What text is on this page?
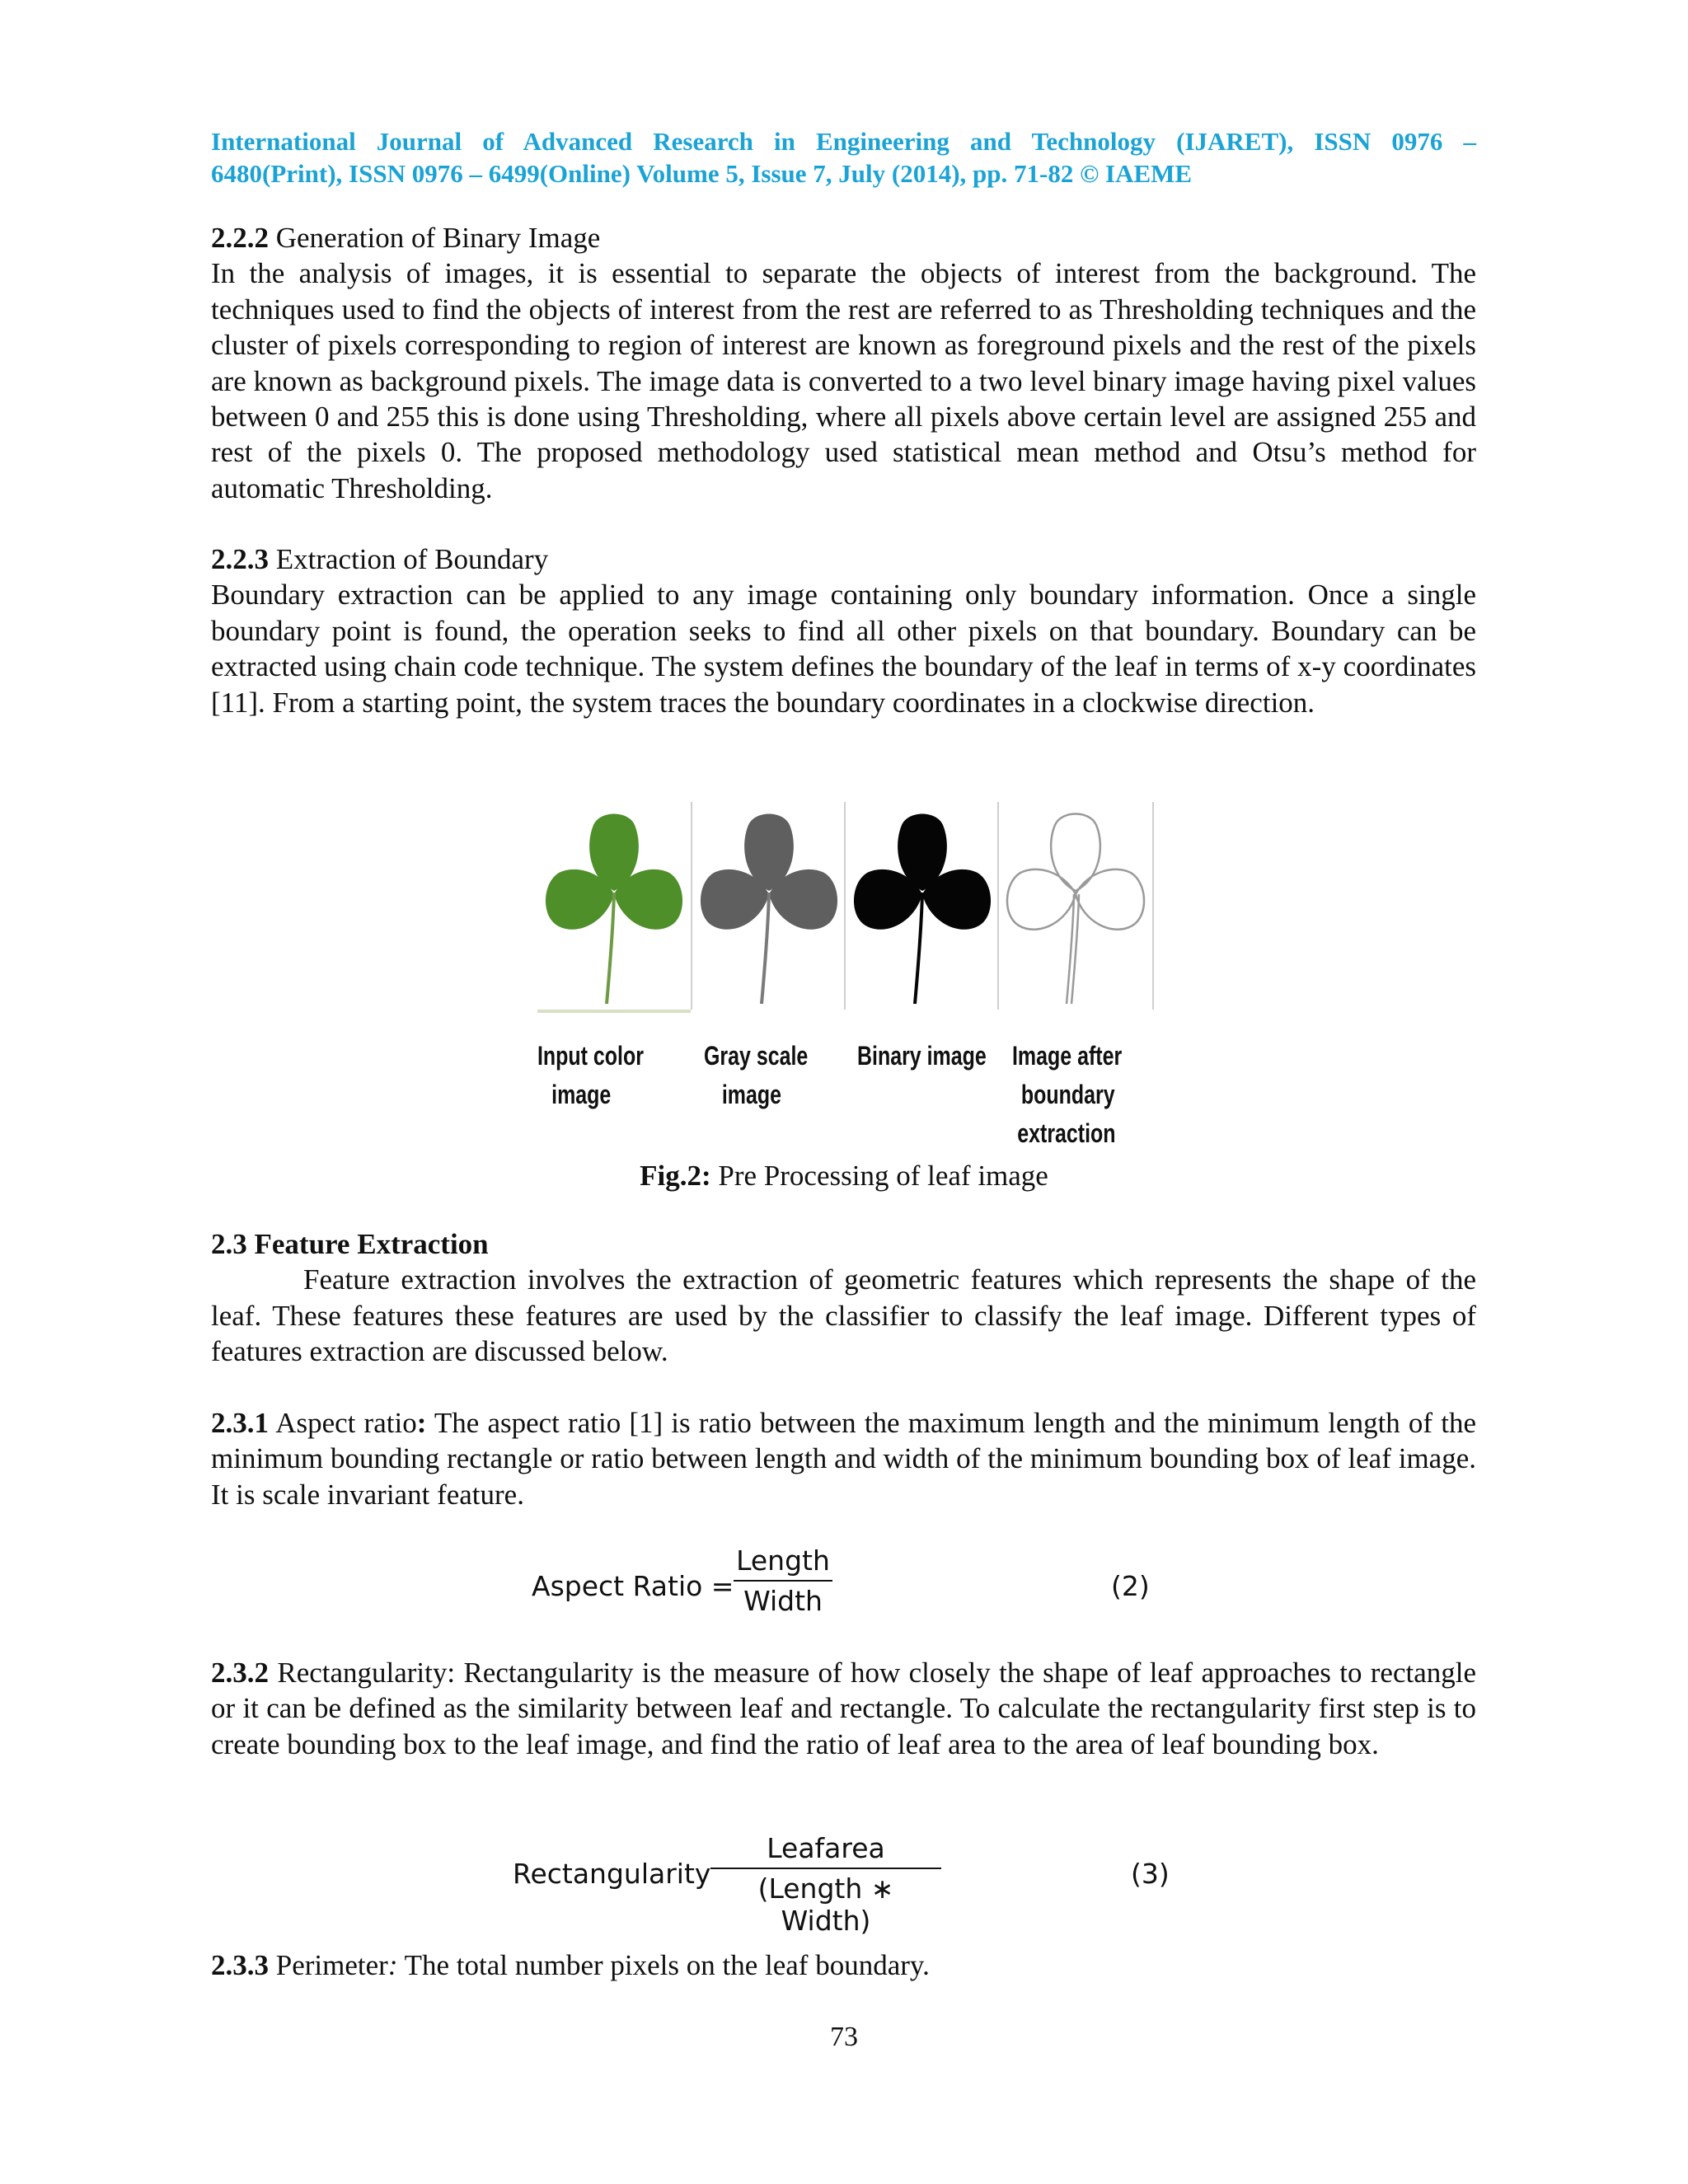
International Journal of Advanced Research in Engineering and Technology (IJARET), ISSN 0976 –
6480(Print), ISSN 0976 – 6499(Online) Volume 5, Issue 7, July (2014), pp. 71-82 © IAEME

2.2.2 Generation of Binary Image

In the analysis of images, it is essential to separate the objects of interest from the background. The techniques used to find the objects of interest from the rest are referred to as Thresholding techniques and the cluster of pixels corresponding to region of interest are known as foreground pixels and the rest of the pixels are known as background pixels. The image data is converted to a two level binary image having pixel values between 0 and 255 this is done using Thresholding, where all pixels above certain level are assigned 255 and rest of the pixels 0. The proposed methodology used statistical mean method and Otsu’s method for automatic Thresholding.

2.2.3 Extraction of Boundary

Boundary extraction can be applied to any image containing only boundary information. Once a single boundary point is found, the operation seeks to find all other pixels on that boundary. Boundary can be extracted using chain code technique. The system defines the boundary of the leaf in terms of x-y coordinates [11]. From a starting point, the system traces the boundary coordinates in a clockwise direction.

Input color
image
Gray scale
image
Binary image Image after
boundary
extraction
Fig.2: Pre Processing of leaf image

2.3 Feature Extraction

Feature extraction involves the extraction of geometric features which represents the shape of the leaf. These features these features are used by the classifier to classify the leaf image. Different types of features extraction are discussed below.

2.3.1 Aspect ratio: The aspect ratio [1] is ratio between the maximum length and the minimum length of the minimum bounding rectangle or ratio between length and width of the minimum bounding box of leaf image. It is scale invariant feature.

Aspect Ratio =
Length
Width	(2)

2.3.2 Rectangularity: Rectangularity is the measure of how closely the shape of leaf approaches to rectangle or it can be defined as the similarity between leaf and rectangle. To calculate the rectangularity first step is to create bounding box to the leaf image, and find the ratio of leaf area to the area of leaf bounding box.

Rectangularity
Leafarea
(Length ∗ Width)
(3)

2.3.3 Perimeter: The total number pixels on the leaf boundary.

73
